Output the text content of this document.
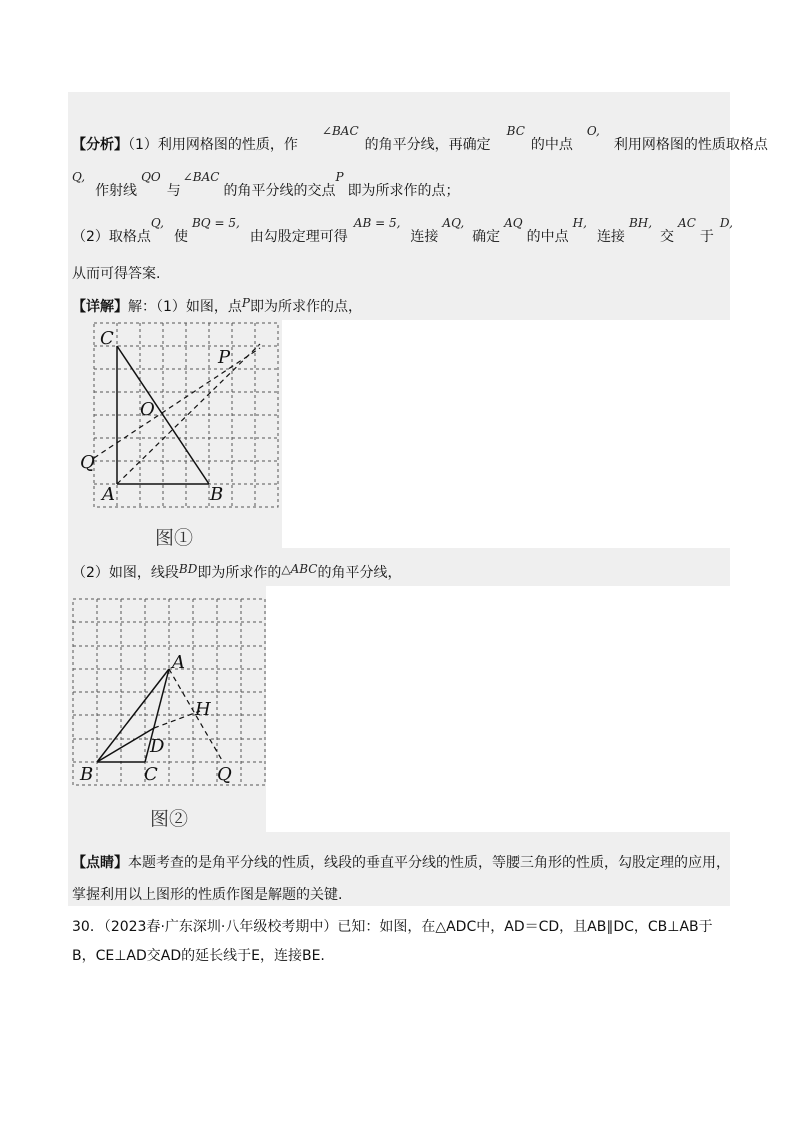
【分析】（1）利用网格图的性质，作∠BAC的角平分线，再确定BC的中点O,利用网格图的性质取格点
Q,作射线QO与∠BAC的角平分线的交点P即为所求作的点；
（2）取格点Q,使BQ = 5,由勾股定理可得AB = 5,连接AQ,确定AQ的中点H,连接BH,交AC于D,
从而可得答案.
【详解】解：（1）如图，点P即为所求作的点，
C
P
O
Q
A	B
图①
（2）如图，线段BD即为所求作的△ABC的角平分线，
A
H
D
B	C	Q
图②
【点睛】本题考查的是角平分线的性质，线段的垂直平分线的性质，等腰三角形的性质，勾股定理的应用，
掌握利用以上图形的性质作图是解题的关键.
30．（2023春·广东深圳·八年级校考期中）已知：如图，在△ADC中，AD＝CD，且AB∥DC，CB⊥AB于
B，CE⊥AD交AD的延长线于E，连接BE.
